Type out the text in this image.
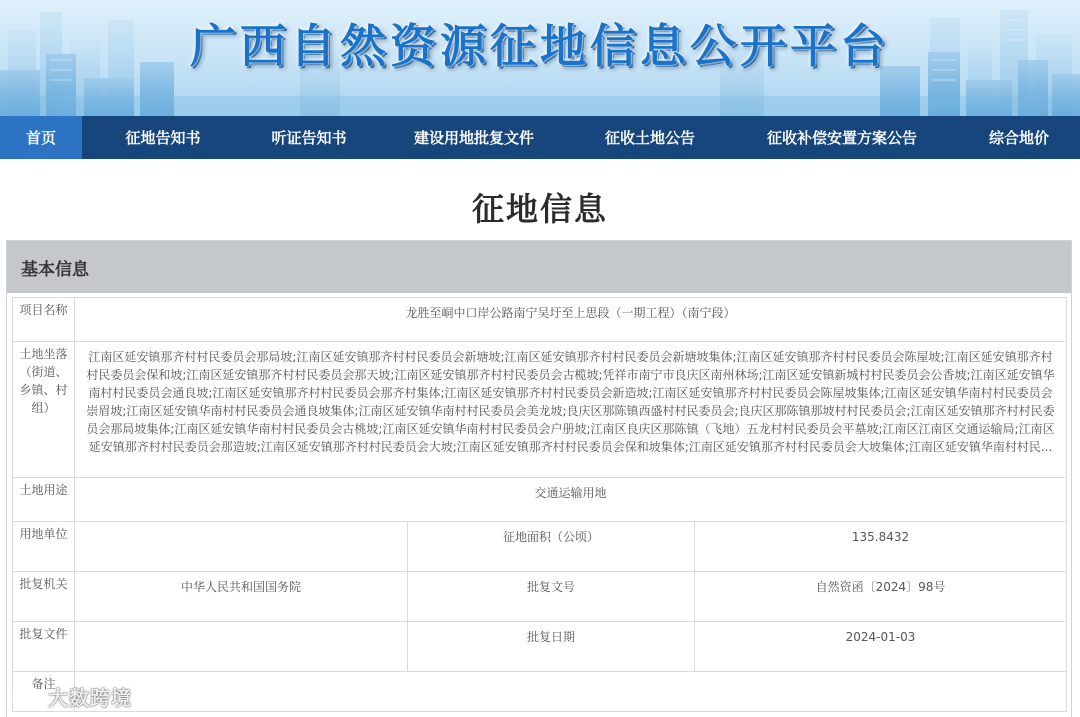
广西自然资源征地信息公开平台
首页	征地告知书	听证告知书	建设用地批复文件	征收土地公告	征收补偿安置方案公告	综合地价
征地信息
基本信息
项目名称	龙胜至峒中口岸公路南宁吴圩至上思段（一期工程）（南宁段）		
土地坐落（街道、乡镇、村组）	江南区延安镇那齐村村民委员会那局坡;江南区延安镇那齐村村民委员会新塘坡;江南区延安镇那齐村村民委员会新塘坡集体;江南区延安镇那齐村村民委员会陈屋坡;江南区延安镇那齐村村民委员会保和坡;江南区延安镇那齐村村民委员会那天坡;江南区延安镇那齐村村民委员会古榄坡;凭祥市南宁市良庆区南州林场;江南区延安镇新城村村民委员会公香坡;江南区延安镇华南村村民委员会通良坡;江南区延安镇那齐村村民委员会那齐村集体;江南区延安镇那齐村村民委员会新造坡;江南区延安镇那齐村村民委员会陈屋坡集体;江南区延安镇华南村村民委员会崇眉坡;江南区延安镇华南村村民委员会通良坡集体;江南区延安镇华南村村民委员会美龙坡;良庆区那陈镇西盛村村民委员会;良庆区那陈镇那坡村村民委员会;江南区延安镇那齐村村民委员会那局坡集体;江南区延安镇华南村村民委员会古桃坡;江南区延安镇华南村村民委员会户册坡;江南区良庆区那陈镇（飞地）五龙村村民委员会平墓坡;江南区江南区交通运输局;江南区延安镇那齐村村民委员会那造坡;江南区延安镇那齐村村民委员会大坡;江南区延安镇那齐村村民委员会保和坡集体;江南区延安镇那齐村村民委员会大坡集体;江南区延安镇华南村村民...		
土地用途	交通运输用地		
用地单位		征地面积（公顷）	135.8432
批复机关	中华人民共和国国务院	批复文号	自然资函〔2024〕98号
批复文件		批复日期	2024-01-03
备注			
大数跨境
